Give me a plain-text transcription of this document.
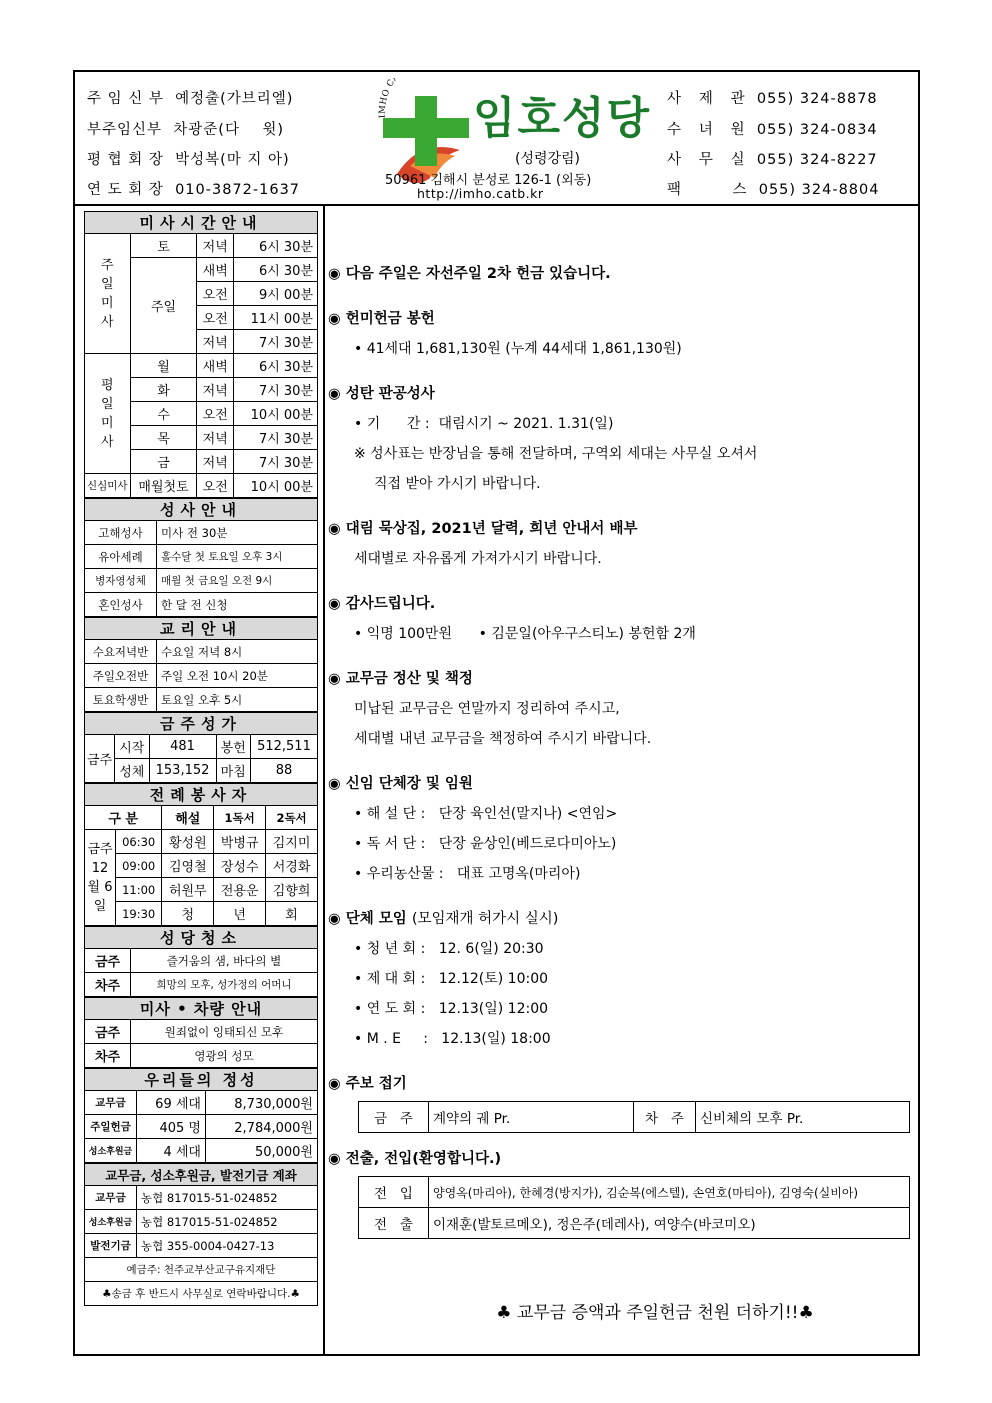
주 임 신 부 예정출(가브리엘)
부주임신부 차광준(다    윗)
평 협 회 장 박성복(마 지 아)
연 도 회 장 010-3872-1637
IMHO C
임호성당
(성령강림)
50961 김해시 분성로 126-1 (외동)
http://imho.catb.kr
사   제   관 055) 324-8878
수   녀   원 055) 324-0834
사   무   실 055) 324-8227
팩         스 055) 324-8804
미사시간안내			
주일미사	토	저녁	6시 30분
	주일	새벽	6시 30분
		오전	9시 00분
		오전	11시 00분
		저녁	7시 30분
평일미사	월	새벽	6시 30분
	화	저녁	7시 30분
	수	오전	10시 00분
	목	저녁	7시 30분
	금	저녁	7시 30분
신심미사	매월첫토	오전	10시 00분
성사안내	
고해성사	미사 전 30분
유아세례	홀수달 첫 토요일 오후 3시
병자영성체	매월 첫 금요일 오전 9시
혼인성사	한 달 전 신청
교리안내	
수요저녁반	수요일 저녁 8시
주일오전반	주일 오전 10시 20분
토요학생반	토요일 오후 5시
금주성가				
금주	시작	481	봉헌	512,511
	성체	153,152	마침	88
전례봉사자				
구 분		해설	1독서	2독서
금주 12월 6일	06:30	황성원	박병규	김지미
	09:00	김영철	장성수	서경화
	11:00	허원무	전용운	김향희
	19:30	청	년	회
성당청소	
금주	즐거움의 샘, 바다의 별
차주	희망의 모후, 성가정의 어머니
미사 • 차량 안내	
금주	원죄없이 잉태되신 모후
차주	영광의 성모
우리들의 정성		
교무금	69 세대	8,730,000원
주일헌금	405 명	2,784,000원
성소후원금	4 세대	50,000원
교무금, 성소후원금, 발전기금 계좌	
교무금	농협 817015-51-024852
성소후원금	농협 817015-51-024852
발전기금	농협 355-0004-0427-13
예금주: 천주교부산교구유지재단	
♣송금 후 반드시 사무실로 연락바랍니다.♣	
◉ 다음 주일은 자선주일 2차 헌금 있습니다.
◉ 헌미헌금 봉헌
• 41세대 1,681,130원 (누계 44세대 1,861,130원)
◉ 성탄 판공성사
• 기      간 :  대림시기 ~ 2021. 1.31(일)
※ 성사표는 반장님을 통해 전달하며, 구역외 세대는 사무실 오셔서
직접 받아 가시기 바랍니다.
◉ 대림 묵상집, 2021년 달력, 희년 안내서 배부
세대별로 자유롭게 가져가시기 바랍니다.
◉ 감사드립니다.
• 익명 100만원      • 김문일(아우구스티노) 봉헌함 2개
◉ 교무금 정산 및 책정
미납된 교무금은 연말까지 정리하여 주시고,
세대별 내년 교무금을 책정하여 주시기 바랍니다.
◉ 신임 단체장 및 임원
• 해 설 단 :   단장 육인선(말지나) <연임>
• 독 서 단 :   단장 윤상인(베드로다미아노)
• 우리농산물 :   대표 고명옥(마리아)
◉ 단체 모임 (모임재개 허가시 실시)
• 청 년 회 :   12. 6(일) 20:30
• 제 대 회 :   12.12(토) 10:00
• 연 도 회 :   12.13(일) 12:00
• M . E     :   12.13(일) 18:00
◉ 주보 접기
금   주	계약의 궤 Pr.	차   주	신비체의 모후 Pr.
◉ 전출, 전입(환영합니다.)
전   입	양영옥(마리아), 한혜경(방지가), 김순복(에스텔), 손연호(마티아), 김영숙(실비아)
전   출	이재훈(발토르메오), 정은주(데레사), 여양수(바코미오)
♣ 교무금 증액과 주일헌금 천원 더하기!!♣
